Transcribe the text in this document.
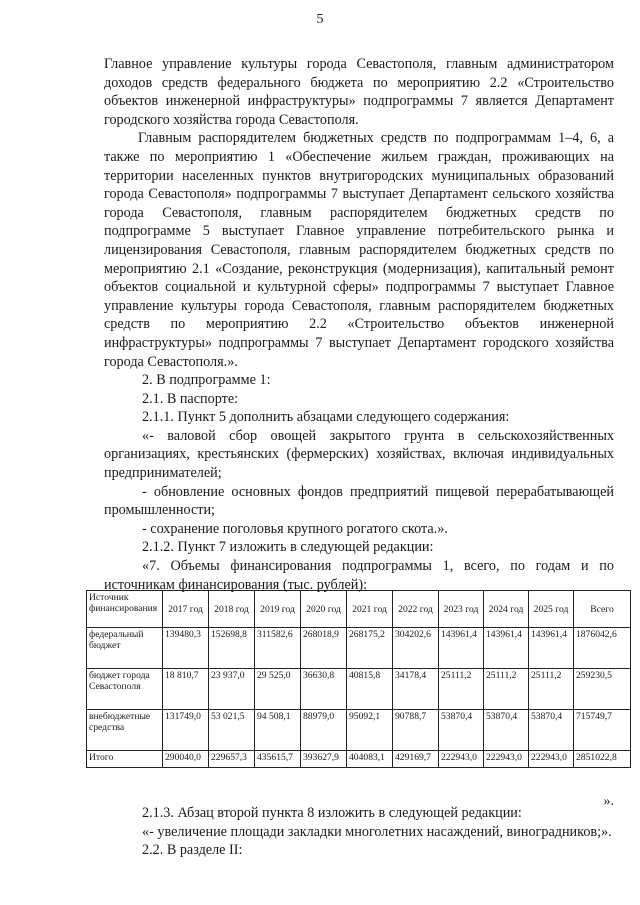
5

Главное управление культуры города Севастополя, главным администратором доходов средств федерального бюджета по мероприятию 2.2 «Строительство объектов инженерной инфраструктуры» подпрограммы 7 является Департамент городского хозяйства города Севастополя.

Главным распорядителем бюджетных средств по подпрограммам 1–4, 6, а также по мероприятию 1 «Обеспечение жильем граждан, проживающих на территории населенных пунктов внутригородских муниципальных образований города Севастополя» подпрограммы 7 выступает Департамент сельского хозяйства города Севастополя, главным распорядителем бюджетных средств по подпрограмме 5 выступает Главное управление потребительского рынка и лицензирования Севастополя, главным распорядителем бюджетных средств по мероприятию 2.1 «Создание, реконструкция (модернизация), капитальный ремонт объектов социальной и культурной сферы» подпрограммы 7 выступает Главное управление культуры города Севастополя, главным распорядителем бюджетных средств по мероприятию 2.2 «Строительство объектов инженерной инфраструктуры» подпрограммы 7 выступает Департамент городского хозяйства города Севастополя.».

2. В подпрограмме 1:

2.1. В паспорте:

2.1.1. Пункт 5 дополнить абзацами следующего содержания:

«- валовой сбор овощей закрытого грунта в сельскохозяйственных организациях, крестьянских (фермерских) хозяйствах, включая индивидуальных предпринимателей;

- обновление основных фондов предприятий пищевой перерабатывающей промышленности;

- сохранение поголовья крупного рогатого скота.».

2.1.2. Пункт 7 изложить в следующей редакции:

«7. Объемы финансирования подпрограммы 1, всего, по годам и по источникам финансирования (тыс. рублей):

Источник финансирования	2017 год	2018 год	2019 год	2020 год	2021 год	2022 год	2023 год	2024 год	2025 год	Всего
федеральный бюджет	139480,3	152698,8	311582,6	268018,9	268175,2	304202,6	143961,4	143961,4	143961,4	1876042,6
бюджет города Севастополя	18 810,7	23 937,0	29 525,0	36630,8	40815,8	34178,4	25111,2	25111,2	25111,2	259230,5
внебюджетные средства	131749,0	53 021,5	94 508,1	88979,0	95092,1	90788,7	53870,4	53870,4	53870,4	715749,7
Итого	290040,0	229657,3	435615,7	393627,9	404083,1	429169,7	222943,0	222943,0	222943,0	2851022,8
».

2.1.3. Абзац второй пункта 8 изложить в следующей редакции:

«- увеличение площади закладки многолетних насаждений, виноградников;».

2.2. В разделе II:
